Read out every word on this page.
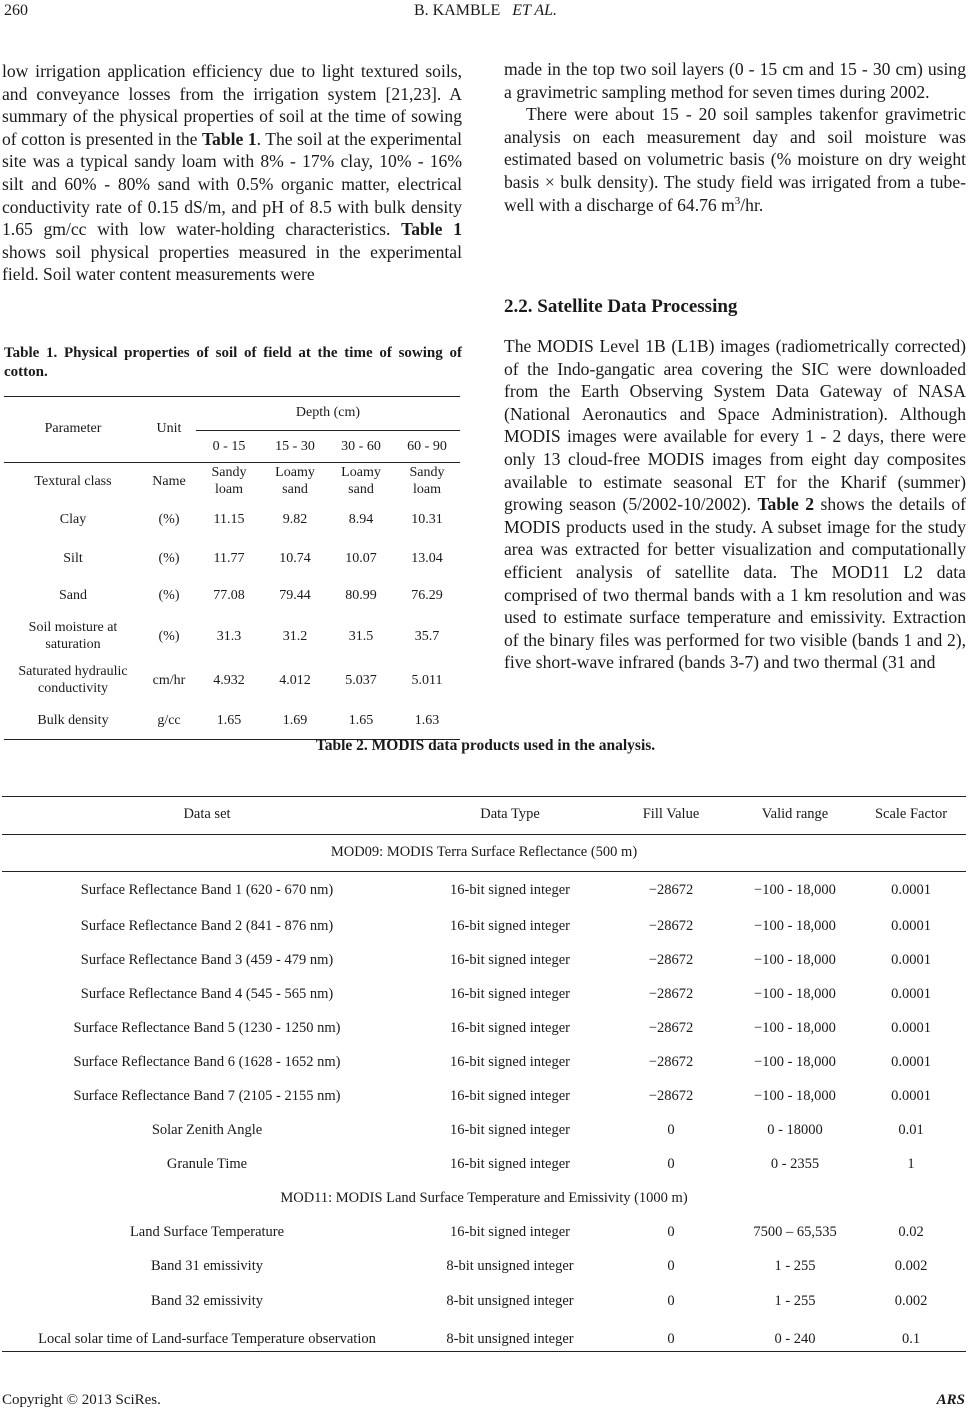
260	B. KAMBLE ET AL.

low irrigation application efficiency due to light textured soils, and conveyance losses from the irrigation system [21,23]. A summary of the physical properties of soil at the time of sowing of cotton is presented in the Table 1. The soil at the experimental site was a typical sandy loam with 8% - 17% clay, 10% - 16% silt and 60% - 80% sand with 0.5% organic matter, electrical conductivity rate of 0.15 dS/m, and pH of 8.5 with bulk density 1.65 gm/cc with low water-holding characteristics. Table 1 shows soil physical properties measured in the experimental field. Soil water content measurements were

Table 1. Physical properties of soil of field at the time of sowing of cotton.
Parameter	Unit	Depth (cm)			
		0 - 15	15 - 30	30 - 60	60 - 90
Textural class	Name	Sandy loam	Loamy sand	Loamy sand	Sandy loam
Clay	(%)	11.15	9.82	8.94	10.31
Silt	(%)	11.77	10.74	10.07	13.04
Sand	(%)	77.08	79.44	80.99	76.29
Soil moisture at saturation	(%)	31.3	31.2	31.5	35.7
Saturated hydraulic conductivity	cm/hr	4.932	4.012	5.037	5.011
Bulk density	g/cc	1.65	1.69	1.65	1.63

made in the top two soil layers (0 - 15 cm and 15 - 30 cm) using a gravimetric sampling method for seven times during 2002.

There were about 15 - 20 soil samples takenfor gravimetric analysis on each measurement day and soil moisture was estimated based on volumetric basis (% moisture on dry weight basis × bulk density). The study field was irrigated from a tube-well with a discharge of 64.76 $m^3/hr$.

2.2. Satellite Data Processing

The MODIS Level 1B (L1B) images (radiometrically corrected) of the Indo-gangatic area covering the SIC were downloaded from the Earth Observing System Data Gateway of NASA (National Aeronautics and Space Administration). Although MODIS images were available for every 1 - 2 days, there were only 13 cloud-free MODIS images from eight day composites available to estimate seasonal ET for the Kharif (summer) growing season (5/2002-10/2002). Table 2 shows the details of MODIS products used in the study. A subset image for the study area was extracted for better visualization and computationally efficient analysis of satellite data. The MOD11 L2 data comprised of two thermal bands with a 1 km resolution and was used to estimate surface temperature and emissivity. Extraction of the binary files was performed for two visible (bands 1 and 2), five short-wave infrared (bands 3-7) and two thermal (31 and

Table 2. MODIS data products used in the analysis.
Data set	Data Type	Fill Value	Valid range	Scale Factor
MOD09: MODIS Terra Surface Reflectance (500 m)				
Surface Reflectance Band 1 (620 - 670 nm)	16-bit signed integer	−28672	−100 - 18,000	0.0001
Surface Reflectance Band 2 (841 - 876 nm)	16-bit signed integer	−28672	−100 - 18,000	0.0001
Surface Reflectance Band 3 (459 - 479 nm)	16-bit signed integer	−28672	−100 - 18,000	0.0001
Surface Reflectance Band 4 (545 - 565 nm)	16-bit signed integer	−28672	−100 - 18,000	0.0001
Surface Reflectance Band 5 (1230 - 1250 nm)	16-bit signed integer	−28672	−100 - 18,000	0.0001
Surface Reflectance Band 6 (1628 - 1652 nm)	16-bit signed integer	−28672	−100 - 18,000	0.0001
Surface Reflectance Band 7 (2105 - 2155 nm)	16-bit signed integer	−28672	−100 - 18,000	0.0001
Solar Zenith Angle	16-bit signed integer	0	0 - 18000	0.01
Granule Time	16-bit signed integer	0	0 - 2355	1
MOD11: MODIS Land Surface Temperature and Emissivity (1000 m)				
Land Surface Temperature	16-bit signed integer	0	7500 – 65,535	0.02
Band 31 emissivity	8-bit unsigned integer	0	1 - 255	0.002
Band 32 emissivity	8-bit unsigned integer	0	1 - 255	0.002
Local solar time of Land-surface Temperature observation	8-bit unsigned integer	0	0 - 240	0.1
Copyright © 2013 SciRes.	ARS
